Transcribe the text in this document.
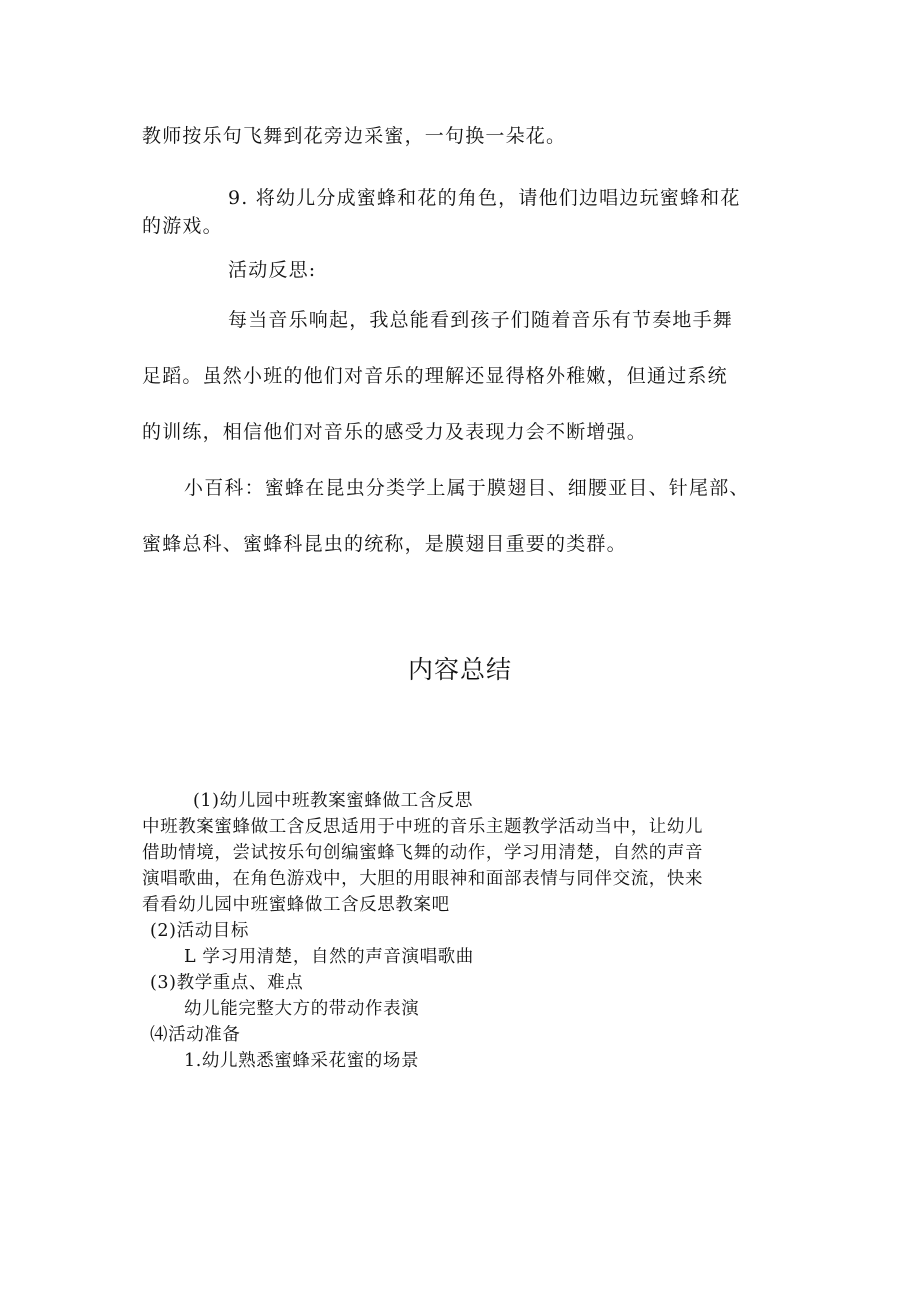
教师按乐句飞舞到花旁边采蜜，一句换一朵花。
9. 将幼儿分成蜜蜂和花的角色，请他们边唱边玩蜜蜂和花
的游戏。
活动反思:
每当音乐响起，我总能看到孩子们随着音乐有节奏地手舞
足蹈。虽然小班的他们对音乐的理解还显得格外稚嫩，但通过系统
的训练，相信他们对音乐的感受力及表现力会不断增强。
小百科：蜜蜂在昆虫分类学上属于膜翅目、细腰亚目、针尾部、
蜜蜂总科、蜜蜂科昆虫的统称，是膜翅目重要的类群。
内容总结
(1)幼儿园中班教案蜜蜂做工含反思
中班教案蜜蜂做工含反思适用于中班的音乐主题教学活动当中，让幼儿
借助情境，尝试按乐句创编蜜蜂飞舞的动作，学习用清楚，自然的声音
演唱歌曲，在角色游戏中，大胆的用眼神和面部表情与同伴交流，快来
看看幼儿园中班蜜蜂做工含反思教案吧
(2)活动目标
L 学习用清楚，自然的声音演唱歌曲
(3)教学重点、难点
幼儿能完整大方的带动作表演
⑷活动准备
1.幼儿熟悉蜜蜂采花蜜的场景
